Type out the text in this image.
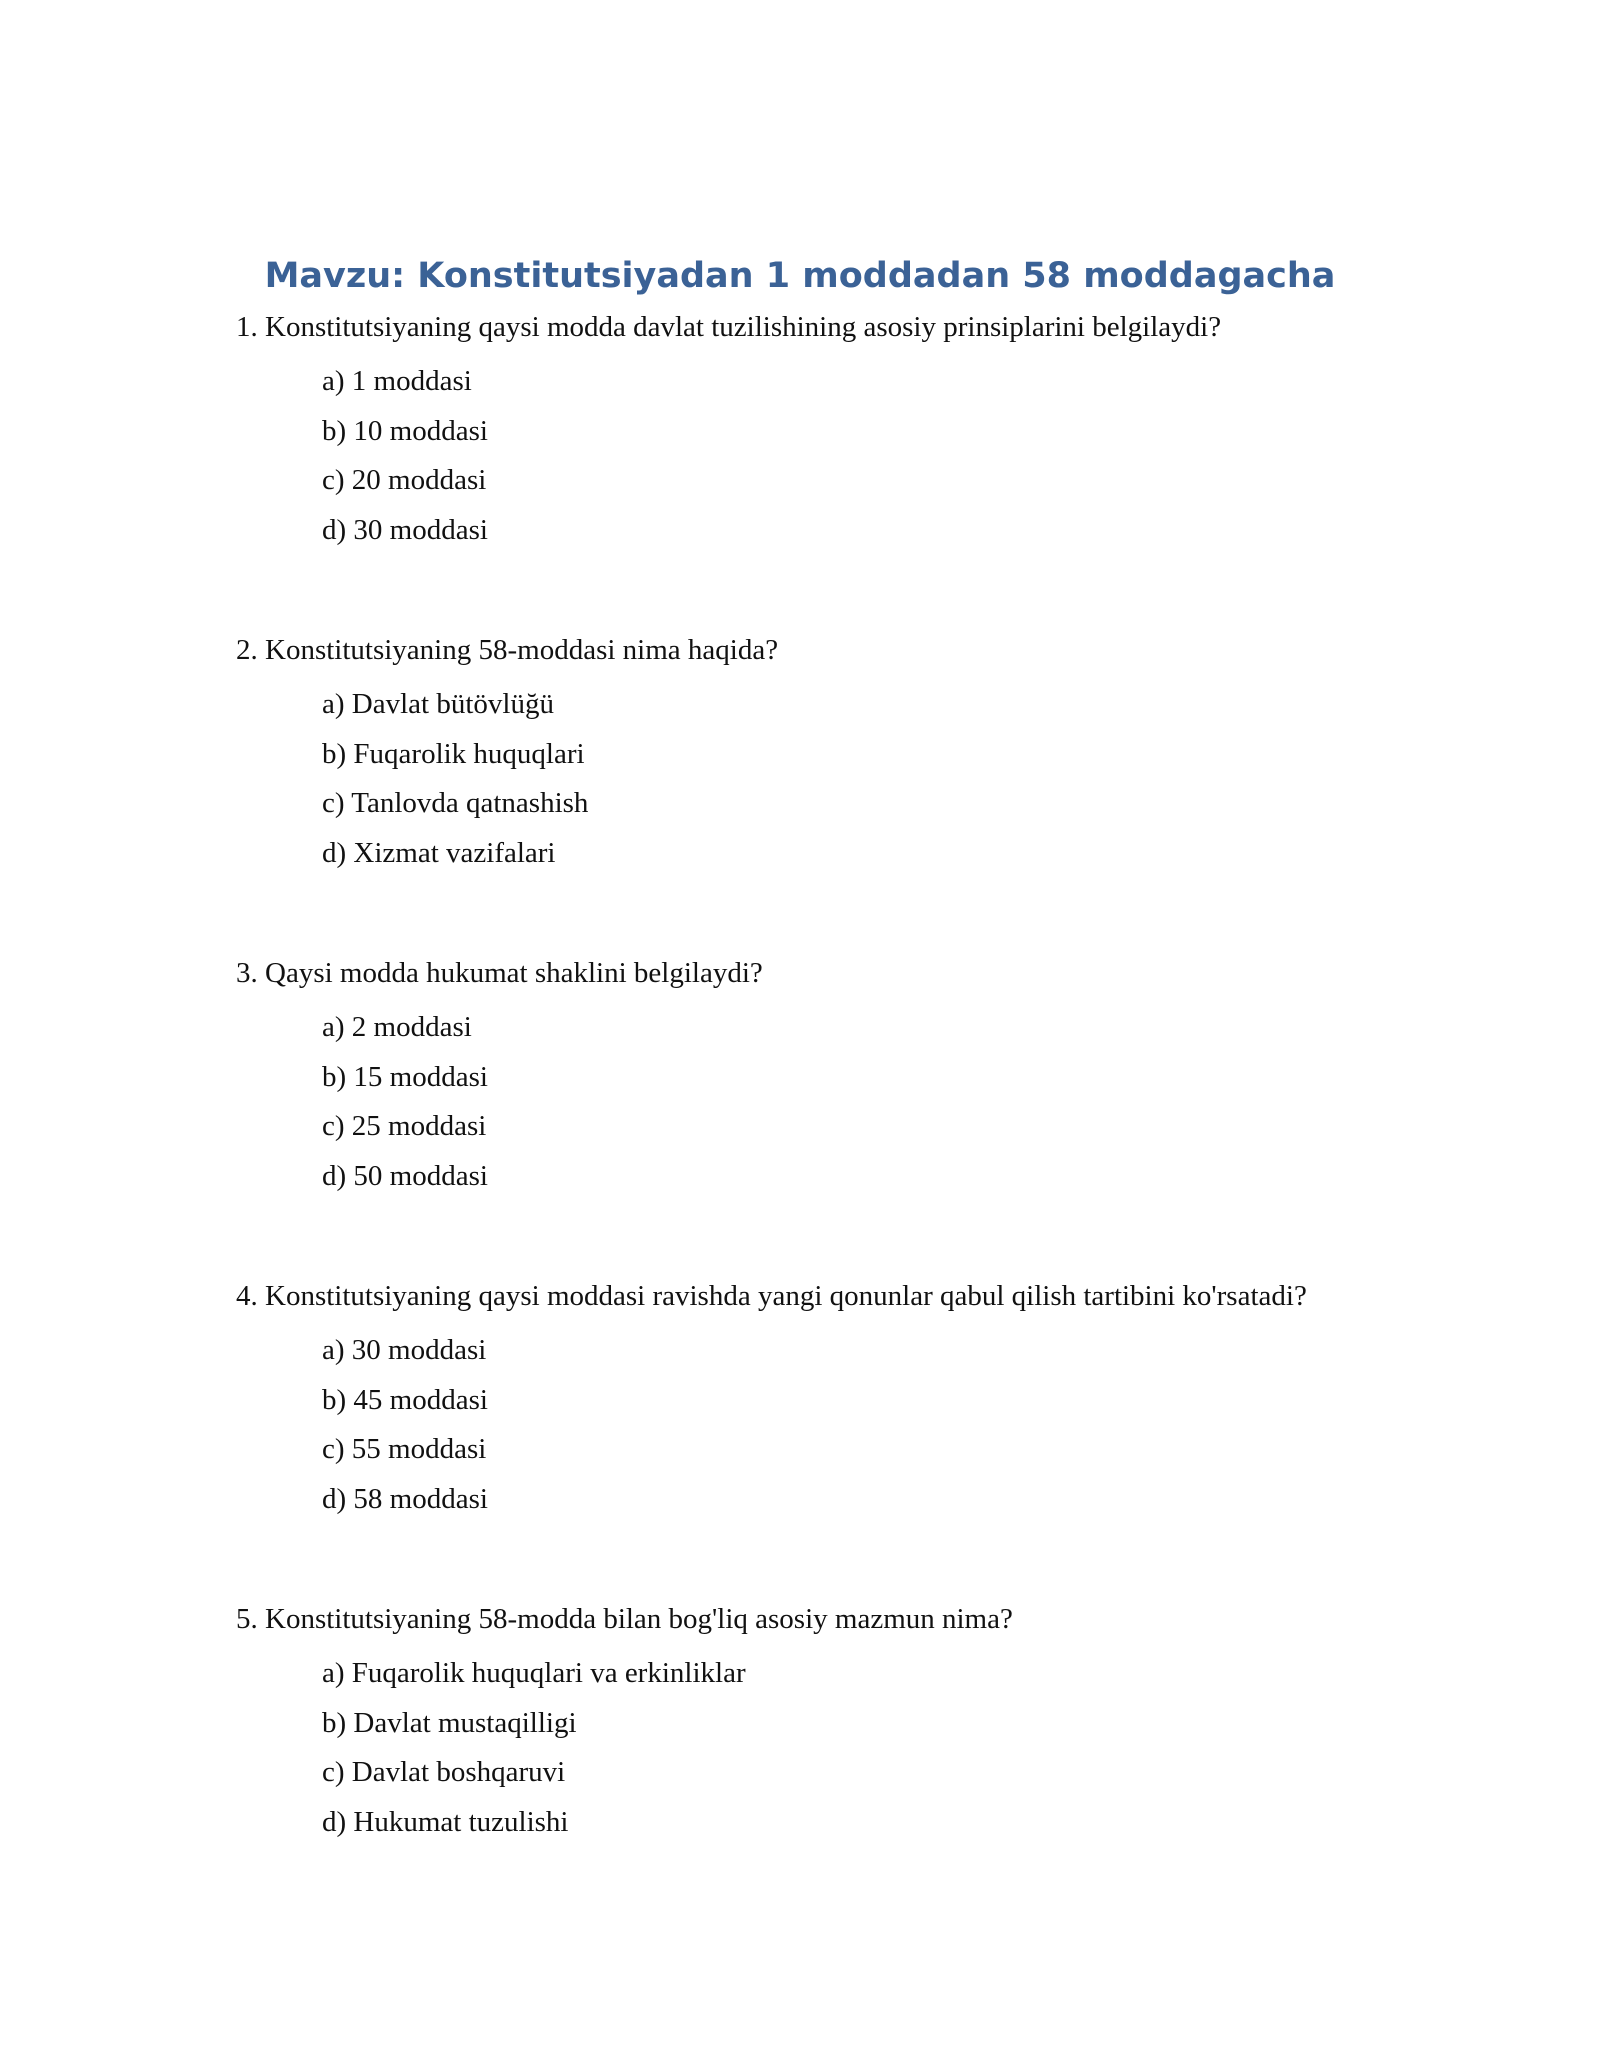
Mavzu: Konstitutsiyadan 1 moddadan 58 moddagacha
1. Konstitutsiyaning qaysi modda davlat tuzilishining asosiy prinsiplarini belgilaydi?
a) 1 moddasi
b) 10 moddasi
c) 20 moddasi
d) 30 moddasi
2. Konstitutsiyaning 58-moddasi nima haqida?
a) Davlat bütövlüğü
b) Fuqarolik huquqlari
c) Tanlovda qatnashish
d) Xizmat vazifalari
3. Qaysi modda hukumat shaklini belgilaydi?
a) 2 moddasi
b) 15 moddasi
c) 25 moddasi
d) 50 moddasi
4. Konstitutsiyaning qaysi moddasi ravishda yangi qonunlar qabul qilish tartibini ko'rsatadi?
a) 30 moddasi
b) 45 moddasi
c) 55 moddasi
d) 58 moddasi
5. Konstitutsiyaning 58-modda bilan bog'liq asosiy mazmun nima?
a) Fuqarolik huquqlari va erkinliklar
b) Davlat mustaqilligi
c) Davlat boshqaruvi
d) Hukumat tuzulishi
